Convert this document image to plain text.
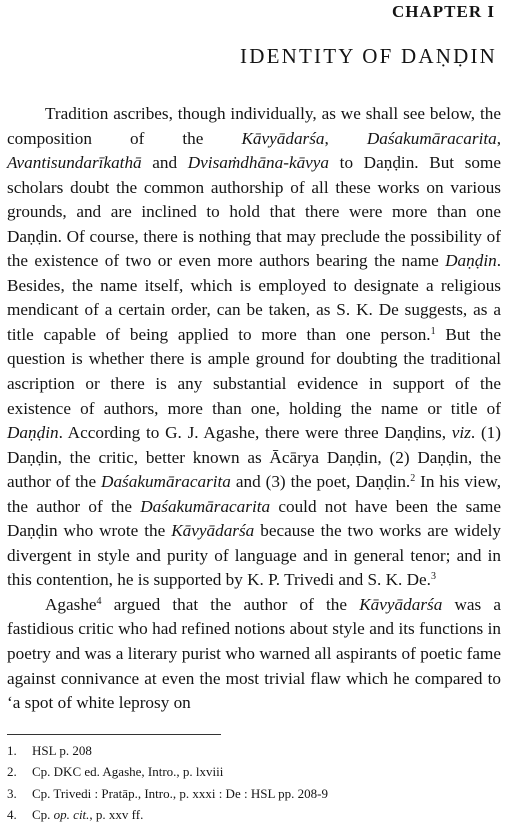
CHAPTER I
IDENTITY OF DAṆḌIN

Tradition ascribes, though individually, as we shall see below, the composition of the Kāvyādarśa, Daśakumāracarita, Avantisundarīkathā and Dvisaṁdhāna-kāvya to Daṇḍin. But some scholars doubt the common authorship of all these works on various grounds, and are inclined to hold that there were more than one Daṇḍin. Of course, there is nothing that may preclude the possibility of the existence of two or even more authors bearing the name Daṇḍin. Besides, the name itself, which is employed to designate a religious mendicant of a certain order, can be taken, as S. K. De suggests, as a title capable of being applied to more than one person.$^1$ But the question is whether there is ample ground for doubting the traditional ascription or there is any substantial evidence in support of the existence of authors, more than one, holding the name or title of Daṇḍin. According to G. J. Agashe, there were three Daṇḍins, viz. (1) Daṇḍin, the critic, better known as Ācārya Daṇḍin, (2) Daṇḍin, the author of the Daśakumāracarita and (3) the poet, Daṇḍin.$^2$ In his view, the author of the Daśakumāracarita could not have been the same Daṇḍin who wrote the Kāvyādarśa because the two works are widely divergent in style and purity of language and in general tenor; and in this contention, he is supported by K. P. Trivedi and S. K. De.$^3$

Agashe$^4$ argued that the author of the Kāvyādarśa was a fastidious critic who had refined notions about style and its functions in poetry and was a literary purist who warned all aspirants of poetic fame against connivance at even the most trivial flaw which he compared to ‘a spot of white leprosy on

1. HSL p. 208
2. Cp. DKC ed. Agashe, Intro., p. lxviii
3. Cp. Trivedi : Pratāp., Intro., p. xxxi : De : HSL pp. 208-9
4. Cp. op. cit., p. xxv ff.
